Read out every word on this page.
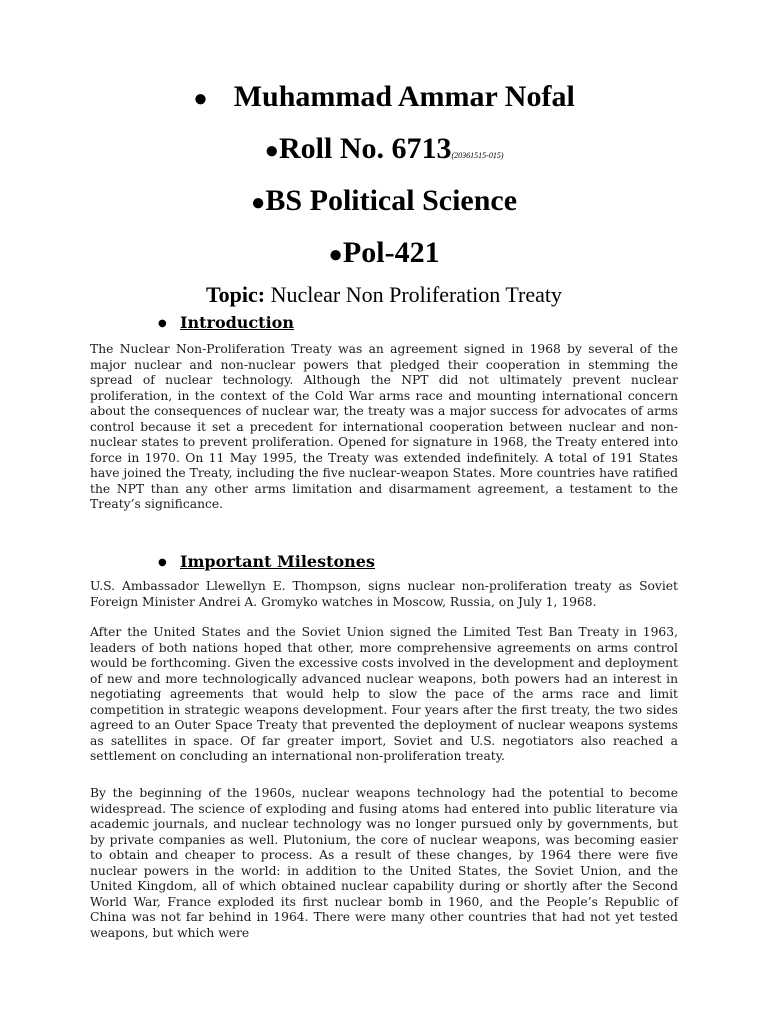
● Muhammad Ammar Nofal
●Roll No. 6713(20361515-015)
●BS Political Science
●Pol-421
Topic: Nuclear Non Proliferation Treaty
● Introduction

The Nuclear Non-Proliferation Treaty was an agreement signed in 1968 by several of the major nuclear and non-nuclear powers that pledged their cooperation in stemming the spread of nuclear technology. Although the NPT did not ultimately prevent nuclear proliferation, in the context of the Cold War arms race and mounting international concern about the consequences of nuclear war, the treaty was a major success for advocates of arms control because it set a precedent for international cooperation between nuclear and non-nuclear states to prevent proliferation. Opened for signature in 1968, the Treaty entered into force in 1970. On 11 May 1995, the Treaty was extended indefinitely. A total of 191 States have joined the Treaty, including the five nuclear-weapon States. More countries have ratified the NPT than any other arms limitation and disarmament agreement, a testament to the Treaty’s significance.

● Important Milestones

U.S. Ambassador Llewellyn E. Thompson, signs nuclear non-proliferation treaty as Soviet Foreign Minister Andrei A. Gromyko watches in Moscow, Russia, on July 1, 1968.

After the United States and the Soviet Union signed the Limited Test Ban Treaty in 1963, leaders of both nations hoped that other, more comprehensive agreements on arms control would be forthcoming. Given the excessive costs involved in the development and deployment of new and more technologically advanced nuclear weapons, both powers had an interest in negotiating agreements that would help to slow the pace of the arms race and limit competition in strategic weapons development. Four years after the first treaty, the two sides agreed to an Outer Space Treaty that prevented the deployment of nuclear weapons systems as satellites in space. Of far greater import, Soviet and U.S. negotiators also reached a settlement on concluding an international non-proliferation treaty.

By the beginning of the 1960s, nuclear weapons technology had the potential to become widespread. The science of exploding and fusing atoms had entered into public literature via academic journals, and nuclear technology was no longer pursued only by governments, but by private companies as well. Plutonium, the core of nuclear weapons, was becoming easier to obtain and cheaper to process. As a result of these changes, by 1964 there were five nuclear powers in the world: in addition to the United States, the Soviet Union, and the United Kingdom, all of which obtained nuclear capability during or shortly after the Second World War, France exploded its first nuclear bomb in 1960, and the People’s Republic of China was not far behind in 1964. There were many other countries that had not yet tested weapons, but which were
